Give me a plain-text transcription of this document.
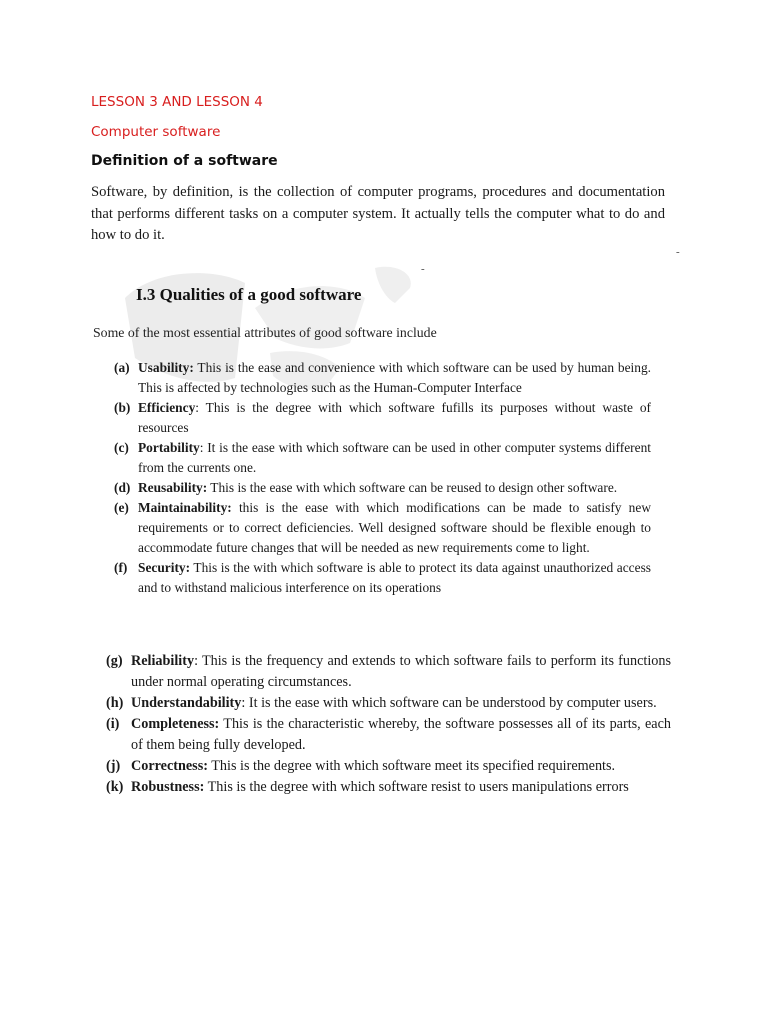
LESSON 3 AND LESSON 4
Computer software
Definition of a software

Software, by definition, is the collection of computer programs, procedures and documentation that performs different tasks on a computer system. It actually tells the computer what to do and how to do it.

-
-
I.3 Qualities of a good software
Some of the most essential attributes of good software include
(a) Usability: This is the ease and convenience with which software can be used by human being. This is affected by technologies such as the Human-Computer Interface
(b) Efficiency: This is the degree with which software fufills its purposes without waste of resources
(c) Portability: It is the ease with which software can be used in other computer systems different from the currents one.
(d) Reusability: This is the ease with which software can be reused to design other software.
(e) Maintainability: this is the ease with which modifications can be made to satisfy new requirements or to correct deficiencies. Well designed software should be flexible enough to accommodate future changes that will be needed as new requirements come to light.
(f) Security: This is the with which software is able to protect its data against unauthorized access and to withstand malicious interference on its operations
(g) Reliability: This is the frequency and extends to which software fails to perform its functions under normal operating circumstances.
(h) Understandability: It is the ease with which software can be understood by computer users.
(i) Completeness: This is the characteristic whereby, the software possesses all of its parts, each of them being fully developed.
(j) Correctness: This is the degree with which software meet its specified requirements.
(k) Robustness: This is the degree with which software resist to users manipulations errors
